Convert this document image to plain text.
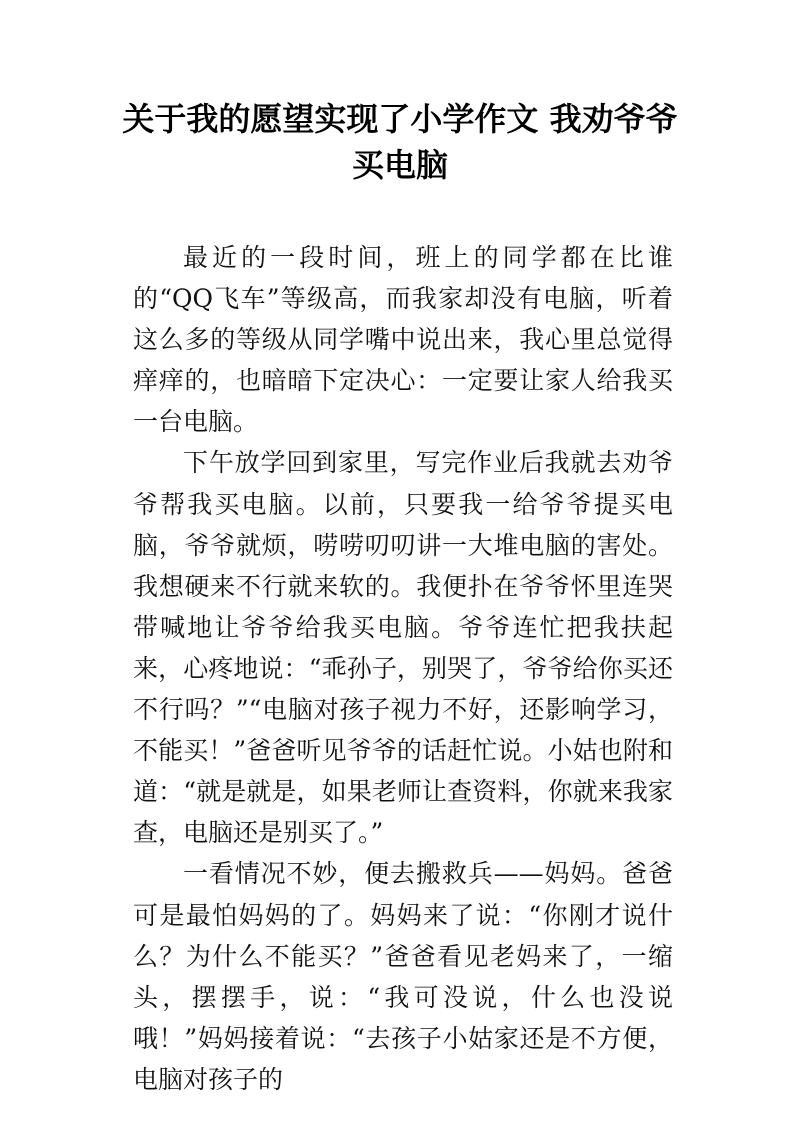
关于我的愿望实现了小学作文 我劝爷爷买电脑

最近的一段时间，班上的同学都在比谁的“QQ飞车”等级高，而我家却没有电脑，听着这么多的等级从同学嘴中说出来，我心里总觉得痒痒的，也暗暗下定决心：一定要让家人给我买一台电脑。

下午放学回到家里，写完作业后我就去劝爷爷帮我买电脑。以前，只要我一给爷爷提买电脑，爷爷就烦，唠唠叨叨讲一大堆电脑的害处。我想硬来不行就来软的。我便扑在爷爷怀里连哭带喊地让爷爷给我买电脑。爷爷连忙把我扶起来，心疼地说：“乖孙子，别哭了，爷爷给你买还不行吗？”“电脑对孩子视力不好，还影响学习，不能买！”爸爸听见爷爷的话赶忙说。小姑也附和道：“就是就是，如果老师让查资料，你就来我家查，电脑还是别买了。”

一看情况不妙，便去搬救兵——妈妈。爸爸可是最怕妈妈的了。妈妈来了说：“你刚才说什么？为什么不能买？”爸爸看见老妈来了，一缩头，摆摆手，说：“我可没说，什么也没说哦！”妈妈接着说：“去孩子小姑家还是不方便，电脑对孩子的
